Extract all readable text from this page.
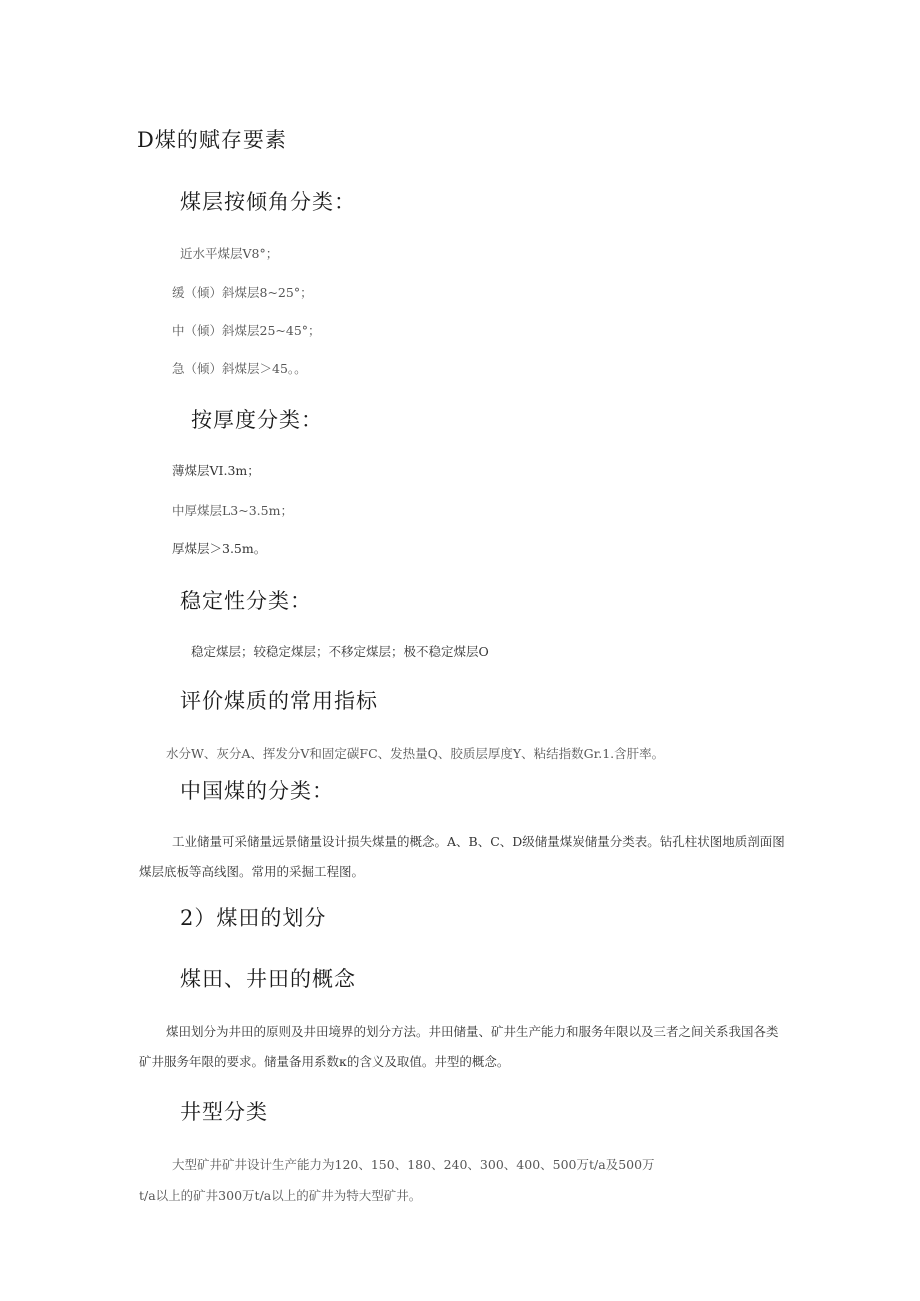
D煤的赋存要素
煤层按倾角分类：
近水平煤层V8°；
缓（倾）斜煤层8~25°；
中（倾）斜煤层25~45°；
急（倾）斜煤层＞45。。
按厚度分类：
薄煤层VI.3m；
中厚煤层L3~3.5m；
厚煤层＞3.5m。
稳定性分类：
稳定煤层；较稳定煤层；不移定煤层；极不稳定煤层O
评价煤质的常用指标
水分W、灰分A、挥发分V和固定碳FC、发热量Q、胶质层厚度Y、粘结指数Gr.1.含肝率。
中国煤的分类：
工业储量可采储量远景储量设计损失煤量的概念。A、B、C、D级储量煤炭储量分类表。钻孔柱状图地质剖面图煤层底板等高线图。常用的采掘工程图。
2）煤田的划分
煤田、井田的概念
煤田划分为井田的原则及井田境界的划分方法。井田储量、矿井生产能力和服务年限以及三者之间关系我国各类矿井服务年限的要求。储量备用系数κ的含义及取值。井型的概念。
井型分类
大型矿井矿井设计生产能力为120、150、180、240、300、400、500万t/a及500万
t/a以上的矿井300万t/a以上的矿井为特大型矿井。
